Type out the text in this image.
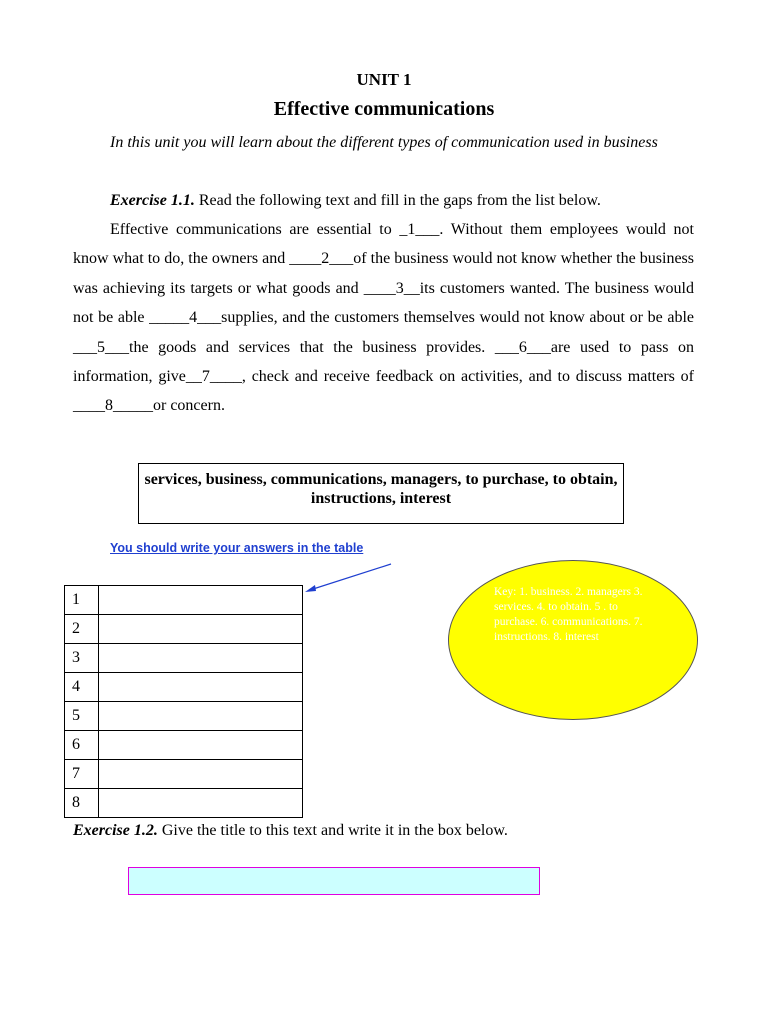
UNIT 1
Effective communications
In this unit you will learn about the different types of communication used in business
Exercise 1.1. Read the following text and fill in the gaps from the list below.
Effective communications are essential to _1___. Without them employees would not know what to do, the owners and ____2___of the business would not know whether the business was achieving its targets or what goods and ____3__its customers wanted. The business would not be able _____4___supplies, and the customers themselves would not know about or be able ___5___the goods and services that the business provides. ___6___are used to pass on information, give__7____, check and receive feedback on activities, and to discuss matters of ____8_____or concern.
services, business, communications, managers, to purchase, to obtain, instructions, interest
You should write your answers in the table
1	
2	
3	
4	
5	
6	
7	
8	
Key: 1. business. 2. managers 3. services. 4. to obtain. 5 . to purchase. 6. communications. 7. instructions. 8. interest
Exercise 1.2. Give the title to this text and write it in the box below.
